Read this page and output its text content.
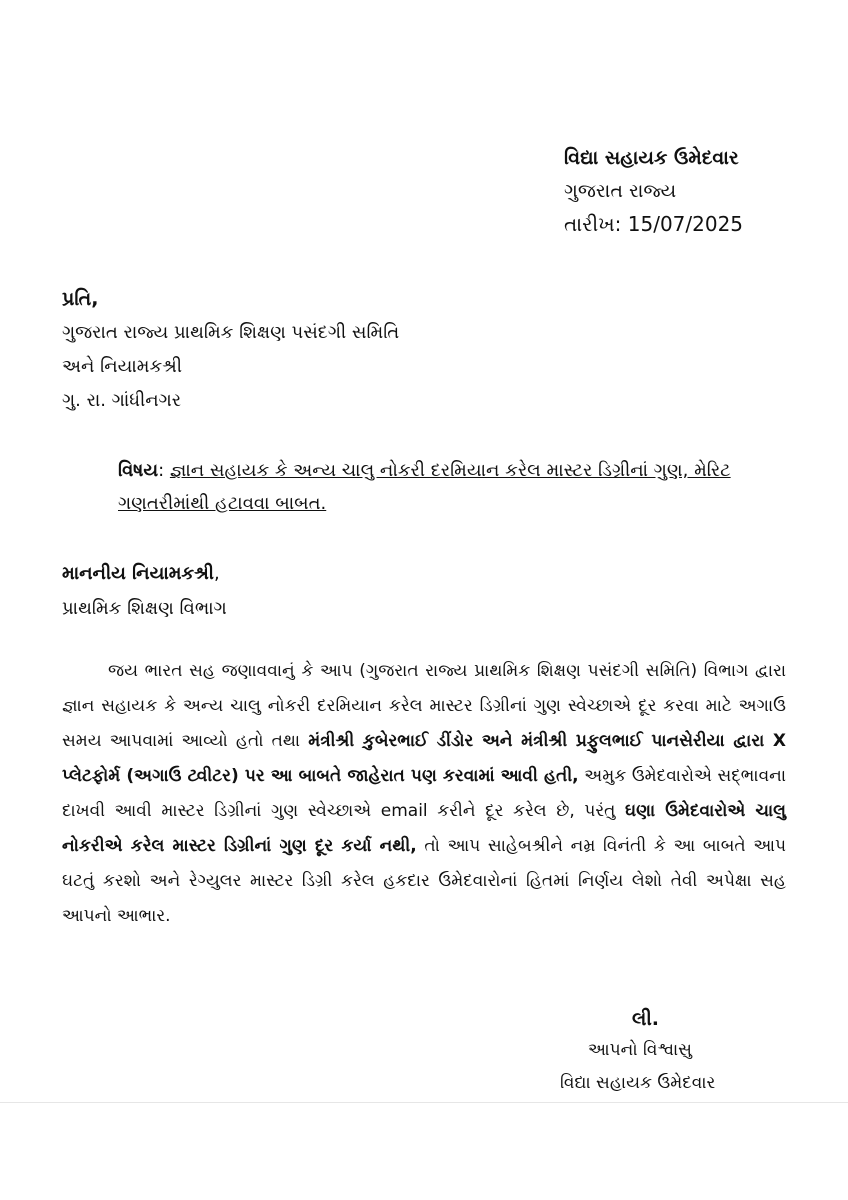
વિદ્યા સહાયક ઉમેદવાર
ગુજરાત રાજ્ય
તારીખ: 15/07/2025
પ્રતિ,
ગુજરાત રાજ્ય પ્રાથમિક શિક્ષણ પસંદગી સમિતિ
અને નિયામકશ્રી
ગુ. રા. ગાંધીનગર
વિષય: જ્ઞાન સહાયક કે અન્ય ચાલુ નોકરી દરમિયાન કરેલ માસ્ટર ડિગ્રીનાં ગુણ, મેરિટ ગણતરીમાંથી હટાવવા બાબત.
માનનીય નિયામકશ્રી,
પ્રાથમિક શિક્ષણ વિભાગ
જય ભારત સહ જણાવવાનું કે આપ (ગુજરાત રાજ્ય પ્રાથમિક શિક્ષણ પસંદગી સમિતિ) વિભાગ દ્વારા જ્ઞાન સહાયક કે અન્ય ચાલુ નોકરી દરમિયાન કરેલ માસ્ટર ડિગ્રીનાં ગુણ સ્વેચ્છાએ દૂર કરવા માટે અગાઉ સમય આપવામાં આવ્યો હતો તથા મંત્રીશ્રી કુબેરભાઈ ડીંડોર અને મંત્રીશ્રી પ્રફુલભાઈ પાનસેરીયા દ્વારા X પ્લેટફોર્મ (અગાઉ ટ્વીટર) પર આ બાબતે જાહેરાત પણ કરવામાં આવી હતી, અમુક ઉમેદવારોએ સદ્ભાવના દાખવી આવી માસ્ટર ડિગ્રીનાં ગુણ સ્વેચ્છાએ email કરીને દૂર કરેલ છે, પરંતુ ઘણા ઉમેદવારોએ ચાલુ નોકરીએ કરેલ માસ્ટર ડિગ્રીનાં ગુણ દૂર કર્યા નથી, તો આપ સાહેબશ્રીને નમ્ર વિનંતી કે આ બાબતે આપ ઘટતું કરશો અને રેગ્યુલર માસ્ટર ડિગ્રી કરેલ હકદાર ઉમેદવારોનાં હિતમાં નિર્ણય લેશો તેવી અપેક્ષા સહ આપનો આભાર.
લી.
આપનો વિશ્વાસુ
વિદ્યા સહાયક ઉમેદવાર
